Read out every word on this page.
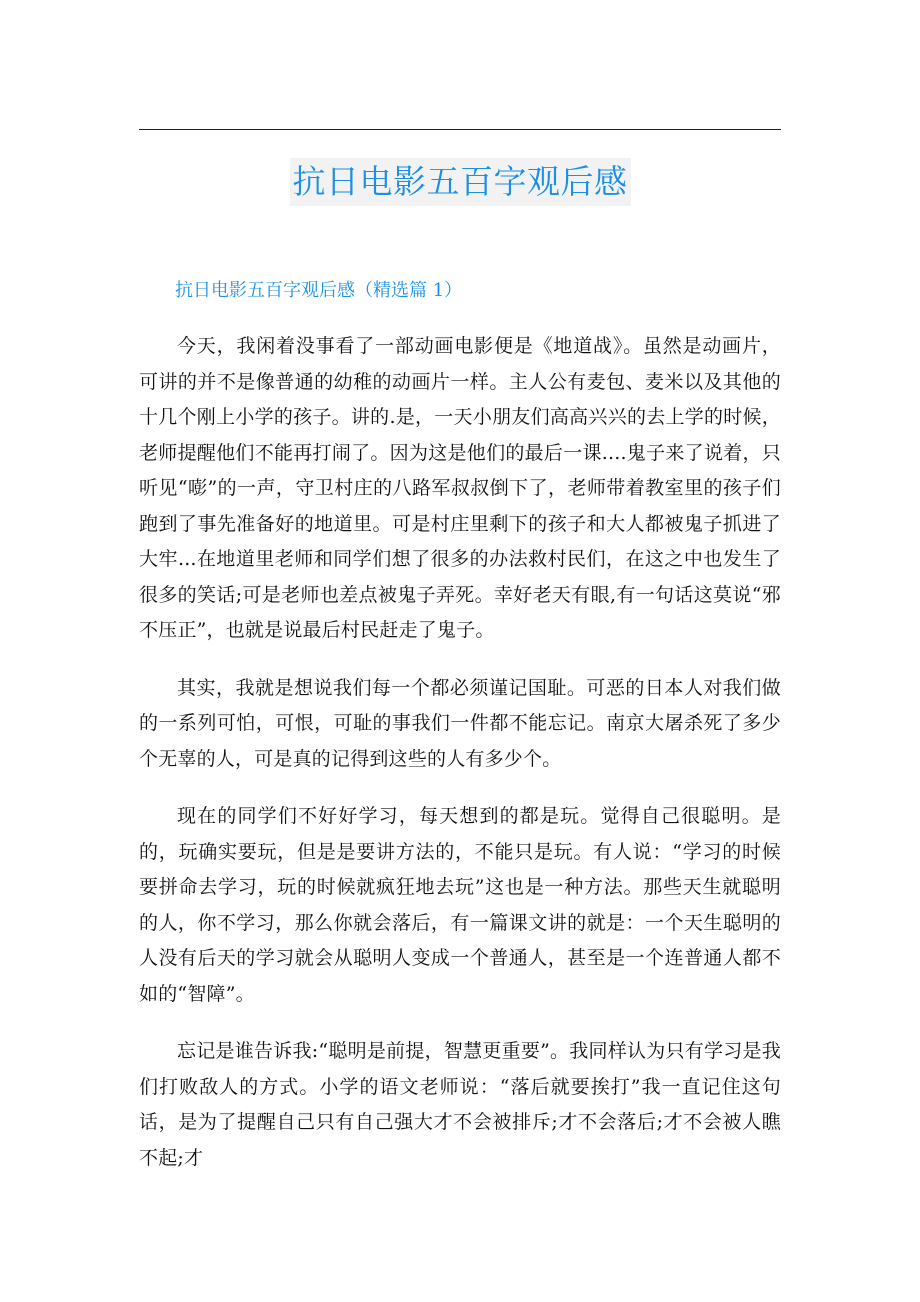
抗日电影五百字观后感
抗日电影五百字观后感（精选篇 1）

今天，我闲着没事看了一部动画电影便是《地道战》。虽然是动画片，可讲的并不是像普通的幼稚的动画片一样。主人公有麦包、麦米以及其他的十几个刚上小学的孩子。讲的.是，一天小朋友们高高兴兴的去上学的时候，老师提醒他们不能再打闹了。因为这是他们的最后一课....鬼子来了说着，只听见“嘭”的一声，守卫村庄的八路军叔叔倒下了，老师带着教室里的孩子们跑到了事先准备好的地道里。可是村庄里剩下的孩子和大人都被鬼子抓进了大牢...在地道里老师和同学们想了很多的办法救村民们，在这之中也发生了很多的笑话;可是老师也差点被鬼子弄死。幸好老天有眼,有一句话这莫说“邪不压正”，也就是说最后村民赶走了鬼子。

其实，我就是想说我们每一个都必须谨记国耻。可恶的日本人对我们做的一系列可怕，可恨，可耻的事我们一件都不能忘记。南京大屠杀死了多少个无辜的人，可是真的记得到这些的人有多少个。

现在的同学们不好好学习，每天想到的都是玩。觉得自己很聪明。是的，玩确实要玩，但是是要讲方法的，不能只是玩。有人说：“学习的时候要拼命去学习，玩的时候就疯狂地去玩”这也是一种方法。那些天生就聪明的人，你不学习，那么你就会落后，有一篇课文讲的就是：一个天生聪明的人没有后天的学习就会从聪明人变成一个普通人，甚至是一个连普通人都不如的“智障”。

忘记是谁告诉我:“聪明是前提，智慧更重要”。我同样认为只有学习是我们打败敌人的方式。小学的语文老师说：“落后就要挨打”我一直记住这句话，是为了提醒自己只有自己强大才不会被排斥;才不会落后;才不会被人瞧不起;才
